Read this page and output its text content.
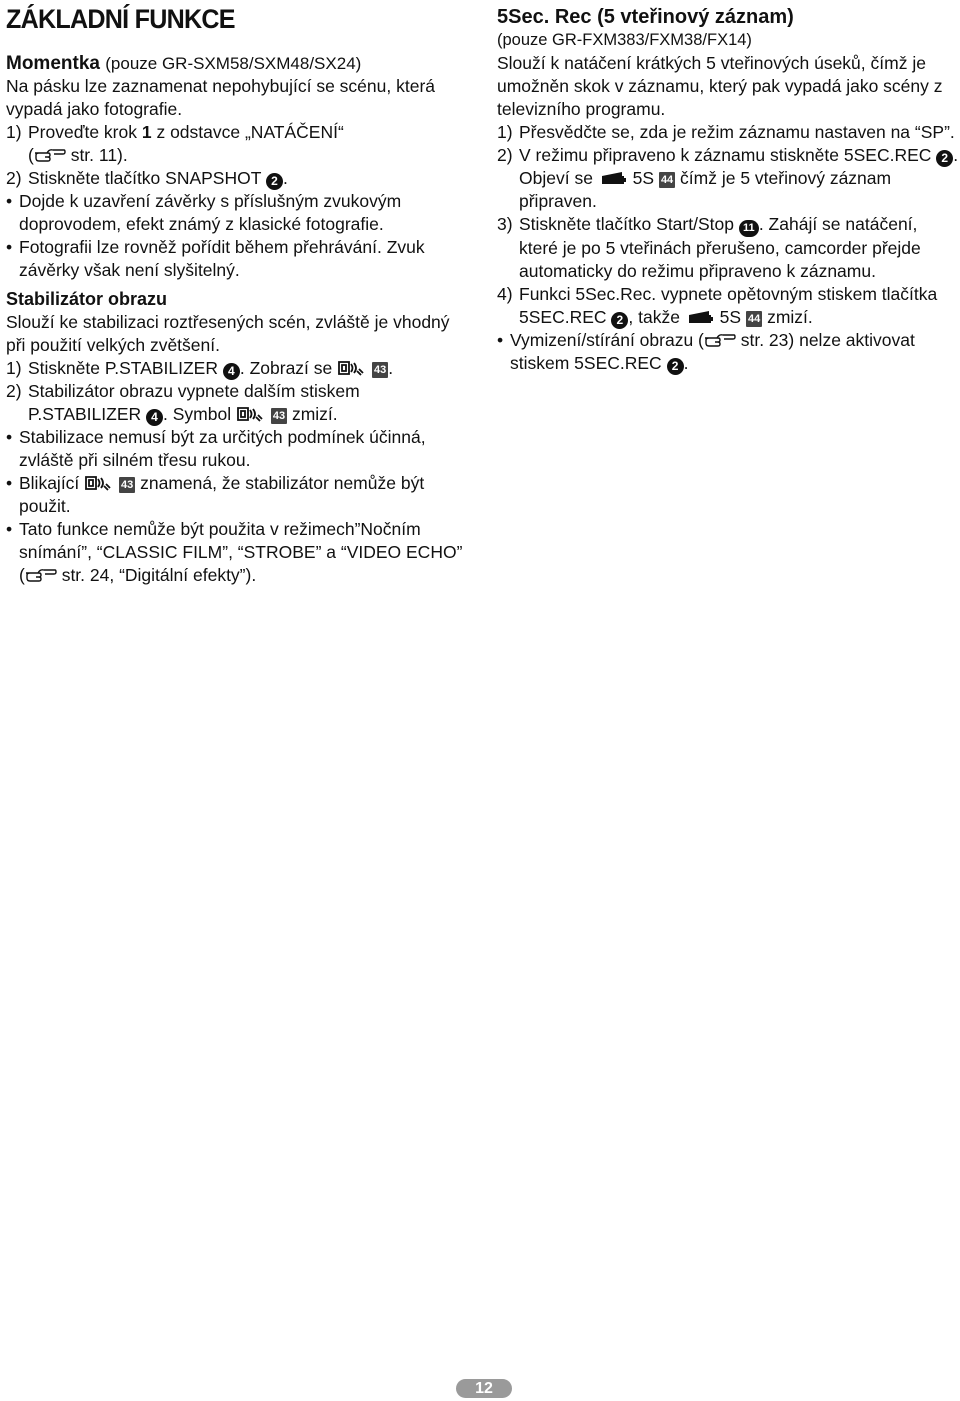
ZÁKLADNÍ FUNKCE

Momentka (pouze GR-SXM58/SXM48/SX24)

Na pásku lze zaznamenat nepohybující se scénu, která vypadá jako fotografie.

1) Proveďte krok 1 z odstavce „NATÁČENÍ“
( str. 11).
2) Stiskněte tlačítko SNAPSHOT 2 .
• Dojde k uzavření závěrky s příslušným zvukovým doprovodem, efekt známý z klasické fotografie.
• Fotografii lze rovněž pořídit během přehrávání. Zvuk závěrky však není slyšitelný.

Stabilizátor obrazu

Slouží ke stabilizaci roztřesených scén, zvláště je vhodný při použití velkých zvětšení.

1) Stiskněte P.STABILIZER 4 . Zobrazí se	43 .
2) Stabilizátor obrazu vypnete dalším stiskem P.STABILIZER 4 . Symbol	43 zmizí.
• Stabilizace nemusí být za určitých podmínek účinná, zvláště při silném třesu rukou.
• Blikající	43 znamená, že stabilizátor nemůže být použit.
• Tato funkce nemůže být použita v režimech”Nočním snímání”, “CLASSIC FILM”, “STROBE” a “VIDEO ECHO” ( str. 24, “Digitální efekty”).

5Sec. Rec (5 vteřinový záznam)

(pouze GR-FXM383/FXM38/FX14)

Slouží k natáčení krátkých 5 vteřinových úseků, čímž je umožněn skok v záznamu, který pak vypadá jako scény z televizního programu.

1) Přesvědčte se, zda je režim záznamu nastaven na “SP”.
2) V režimu připraveno k záznamu stiskněte 5SEC.REC 2 . Objeví se  5S 44 čímž je 5 vteřinový záznam připraven.
3) Stiskněte tlačítko Start/Stop 11 . Zahájí se natáčení, které je po 5 vteřinách přerušeno, camcorder přejde automaticky do režimu připraveno k záznamu.
4) Funkci 5Sec.Rec. vypnete opětovným stiskem tlačítka 5SEC.REC 2 , takže  5S 44 zmizí.
• Vymizení/stírání obrazu ( str. 23) nelze aktivovat stiskem 5SEC.REC 2 .
12
